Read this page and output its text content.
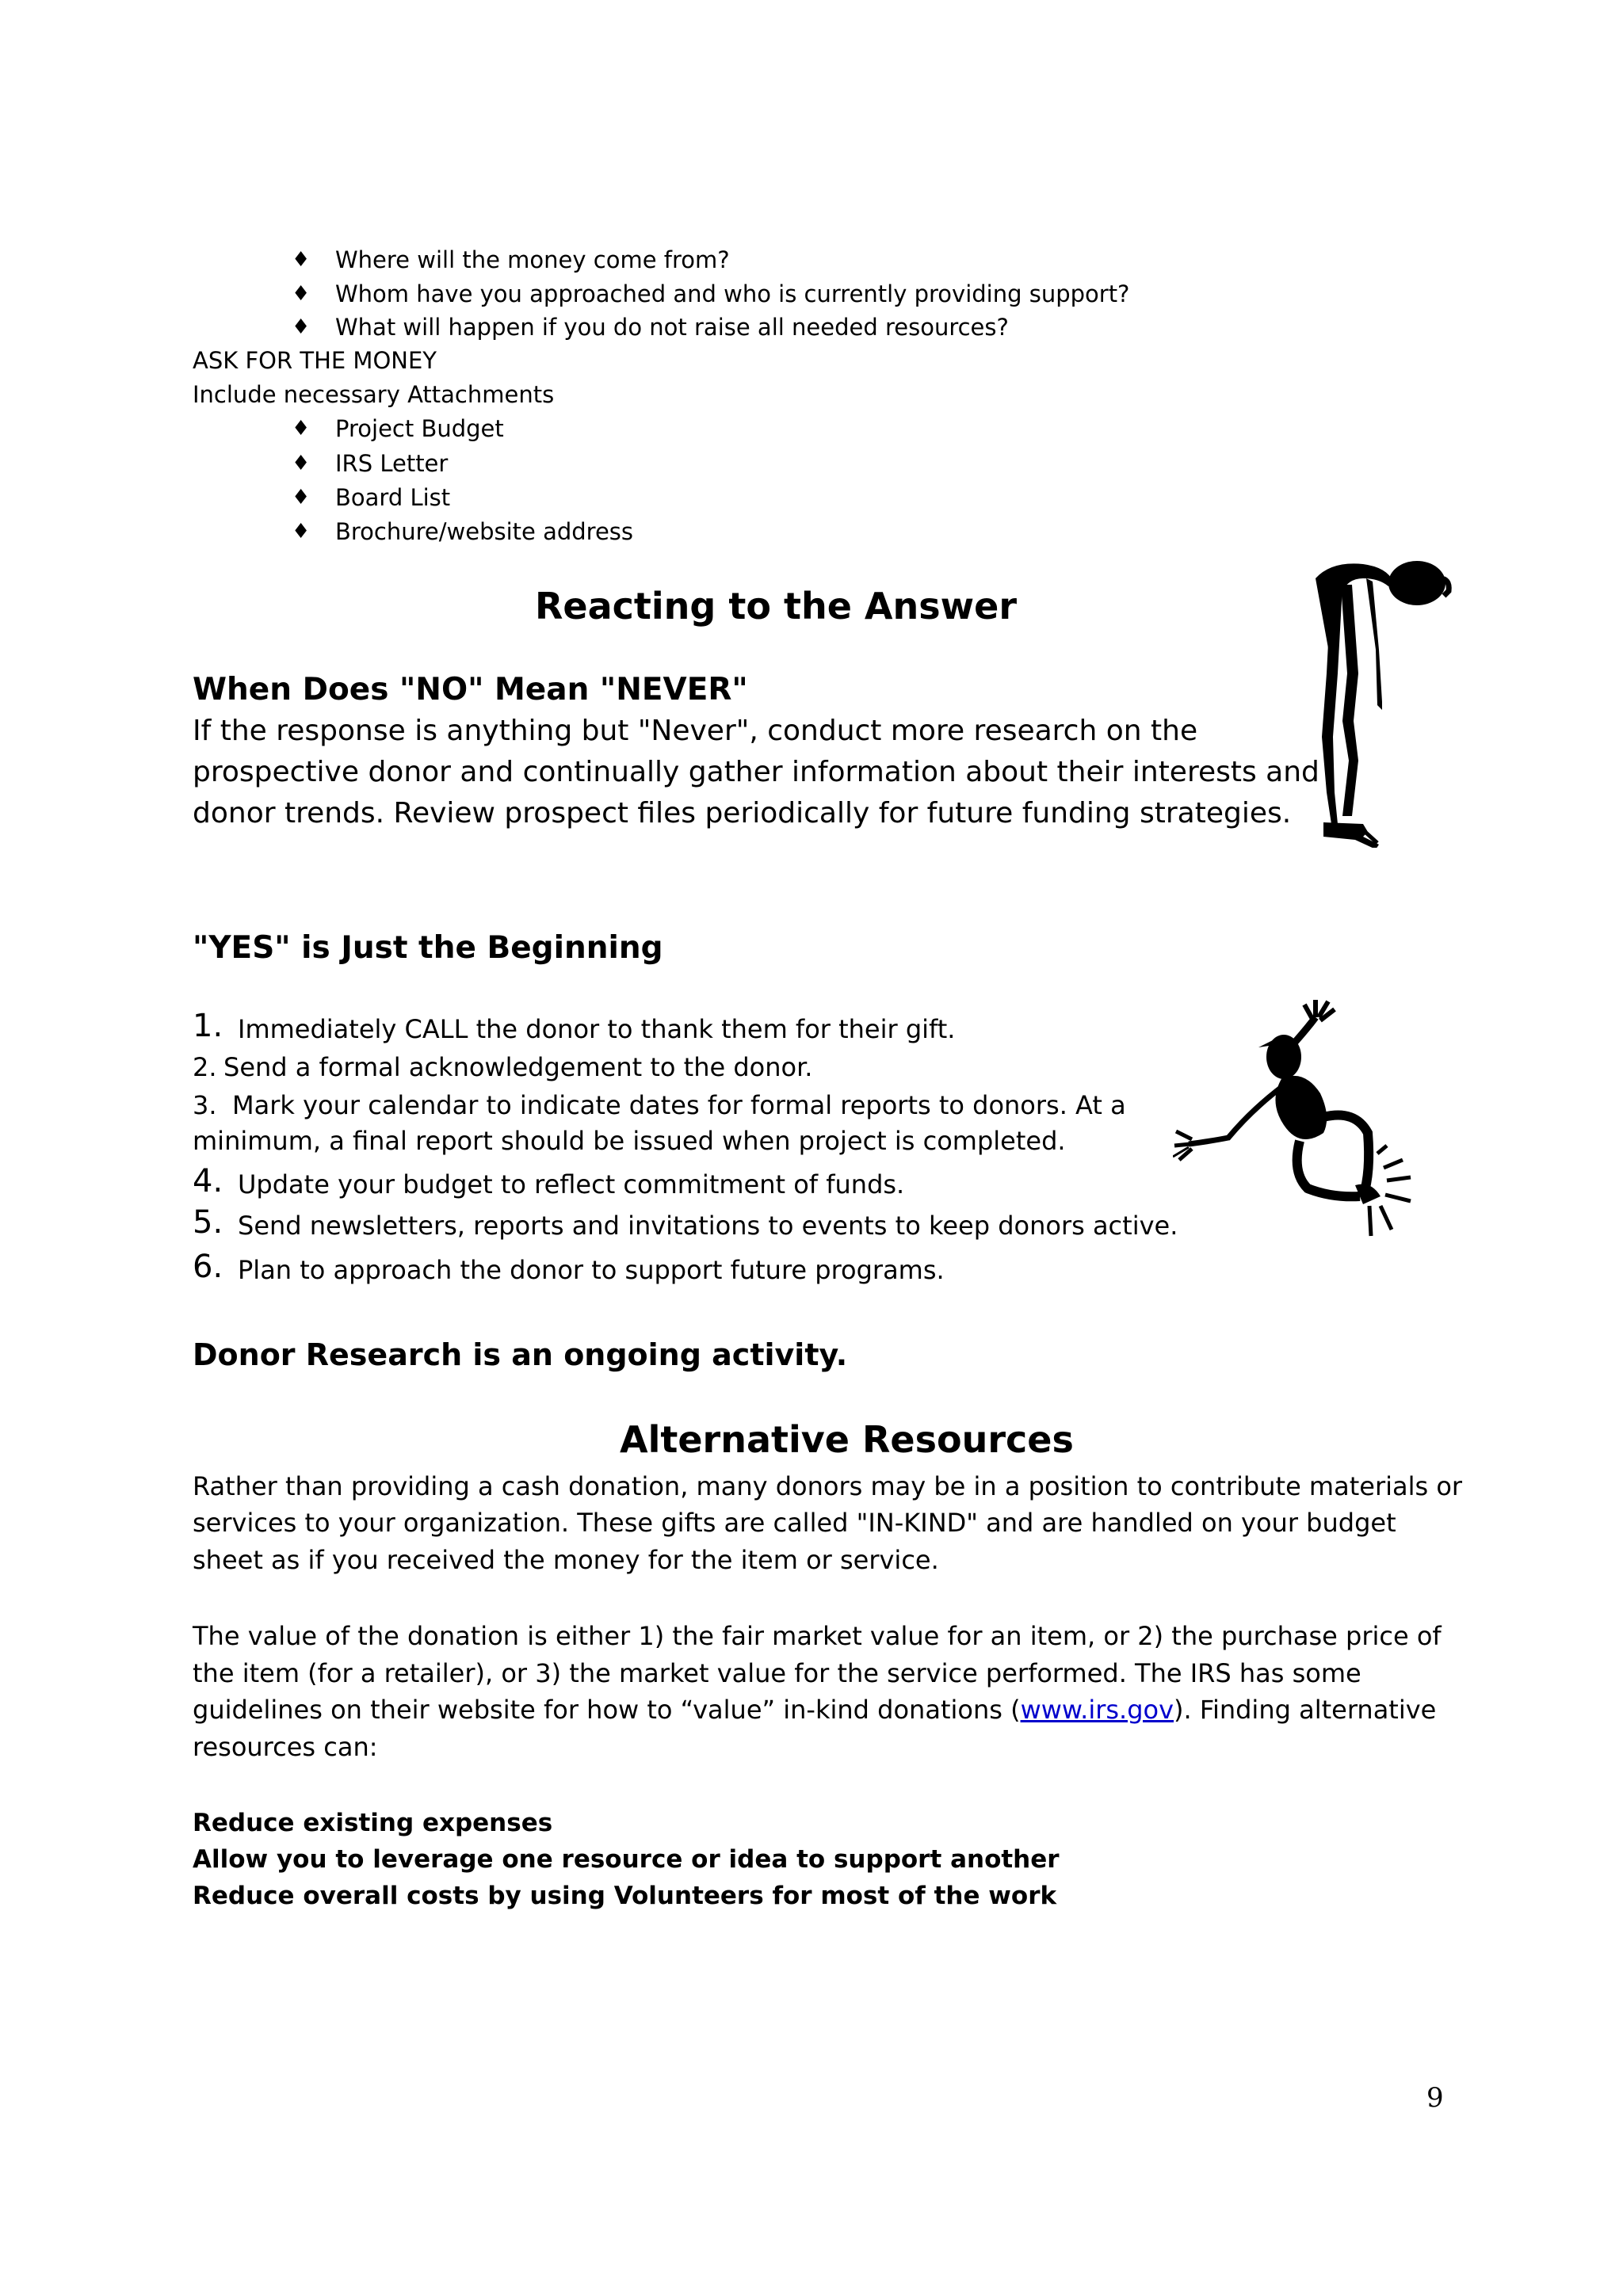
♦ Where will the money come from?
♦ Whom have you approached and who is currently providing support?
♦ What will happen if you do not raise all needed resources?
ASK FOR THE MONEY
Include necessary Attachments
♦ Project Budget
♦ IRS Letter
♦ Board List
♦ Brochure/website address
Reacting to the Answer
When Does "NO" Mean "NEVER"
If the response is anything but "Never", conduct more research on the
prospective donor and continually gather information about their interests and
donor trends. Review prospect files periodically for future funding strategies.
"YES" is Just the Beginning
1. Immediately CALL the donor to thank them for their gift.
2. Send a formal acknowledgement to the donor.
3. Mark your calendar to indicate dates for formal reports to donors. At a
minimum, a final report should be issued when project is completed.
4. Update your budget to reflect commitment of funds.
5. Send newsletters, reports and invitations to events to keep donors active.
6. Plan to approach the donor to support future programs.
Donor Research is an ongoing activity.
Alternative Resources
Rather than providing a cash donation, many donors may be in a position to contribute materials or
services to your organization. These gifts are called "IN-KIND" and are handled on your budget
sheet as if you received the money for the item or service.
The value of the donation is either 1) the fair market value for an item, or 2) the purchase price of
the item (for a retailer), or 3) the market value for the service performed. The IRS has some
guidelines on their website for how to “value” in-kind donations (www.irs.gov). Finding alternative
resources can:
Reduce existing expenses
Allow you to leverage one resource or idea to support another
Reduce overall costs by using Volunteers for most of the work
9
